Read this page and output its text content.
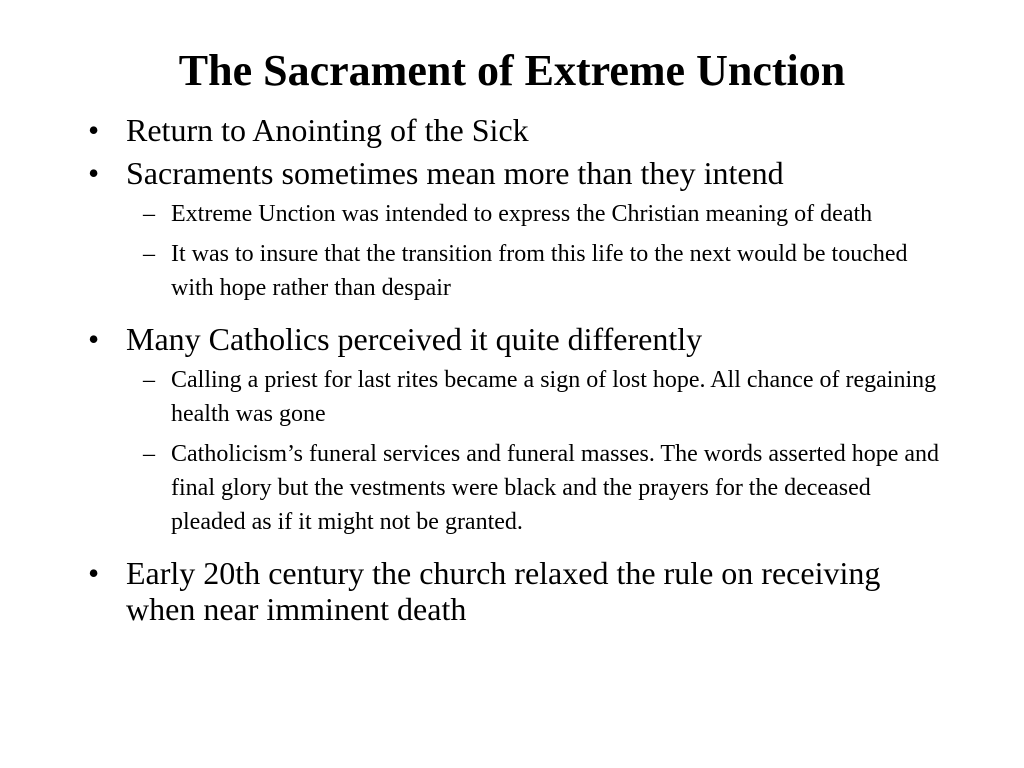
The Sacrament of Extreme Unction
• Return to Anointing of the Sick
• Sacraments sometimes mean more than they intend
– Extreme Unction was intended to express the Christian meaning of death
– It was to insure that the transition from this life to the next would be touched with hope rather than despair
• Many Catholics perceived it quite differently
– Calling a priest for last rites became a sign of lost hope. All chance of regaining health was gone
– Catholicism’s funeral services and funeral masses. The words asserted hope and final glory but the vestments were black and the prayers for the deceased pleaded as if it might not be granted.
• Early 20th century the church relaxed the rule on receiving when near imminent death
